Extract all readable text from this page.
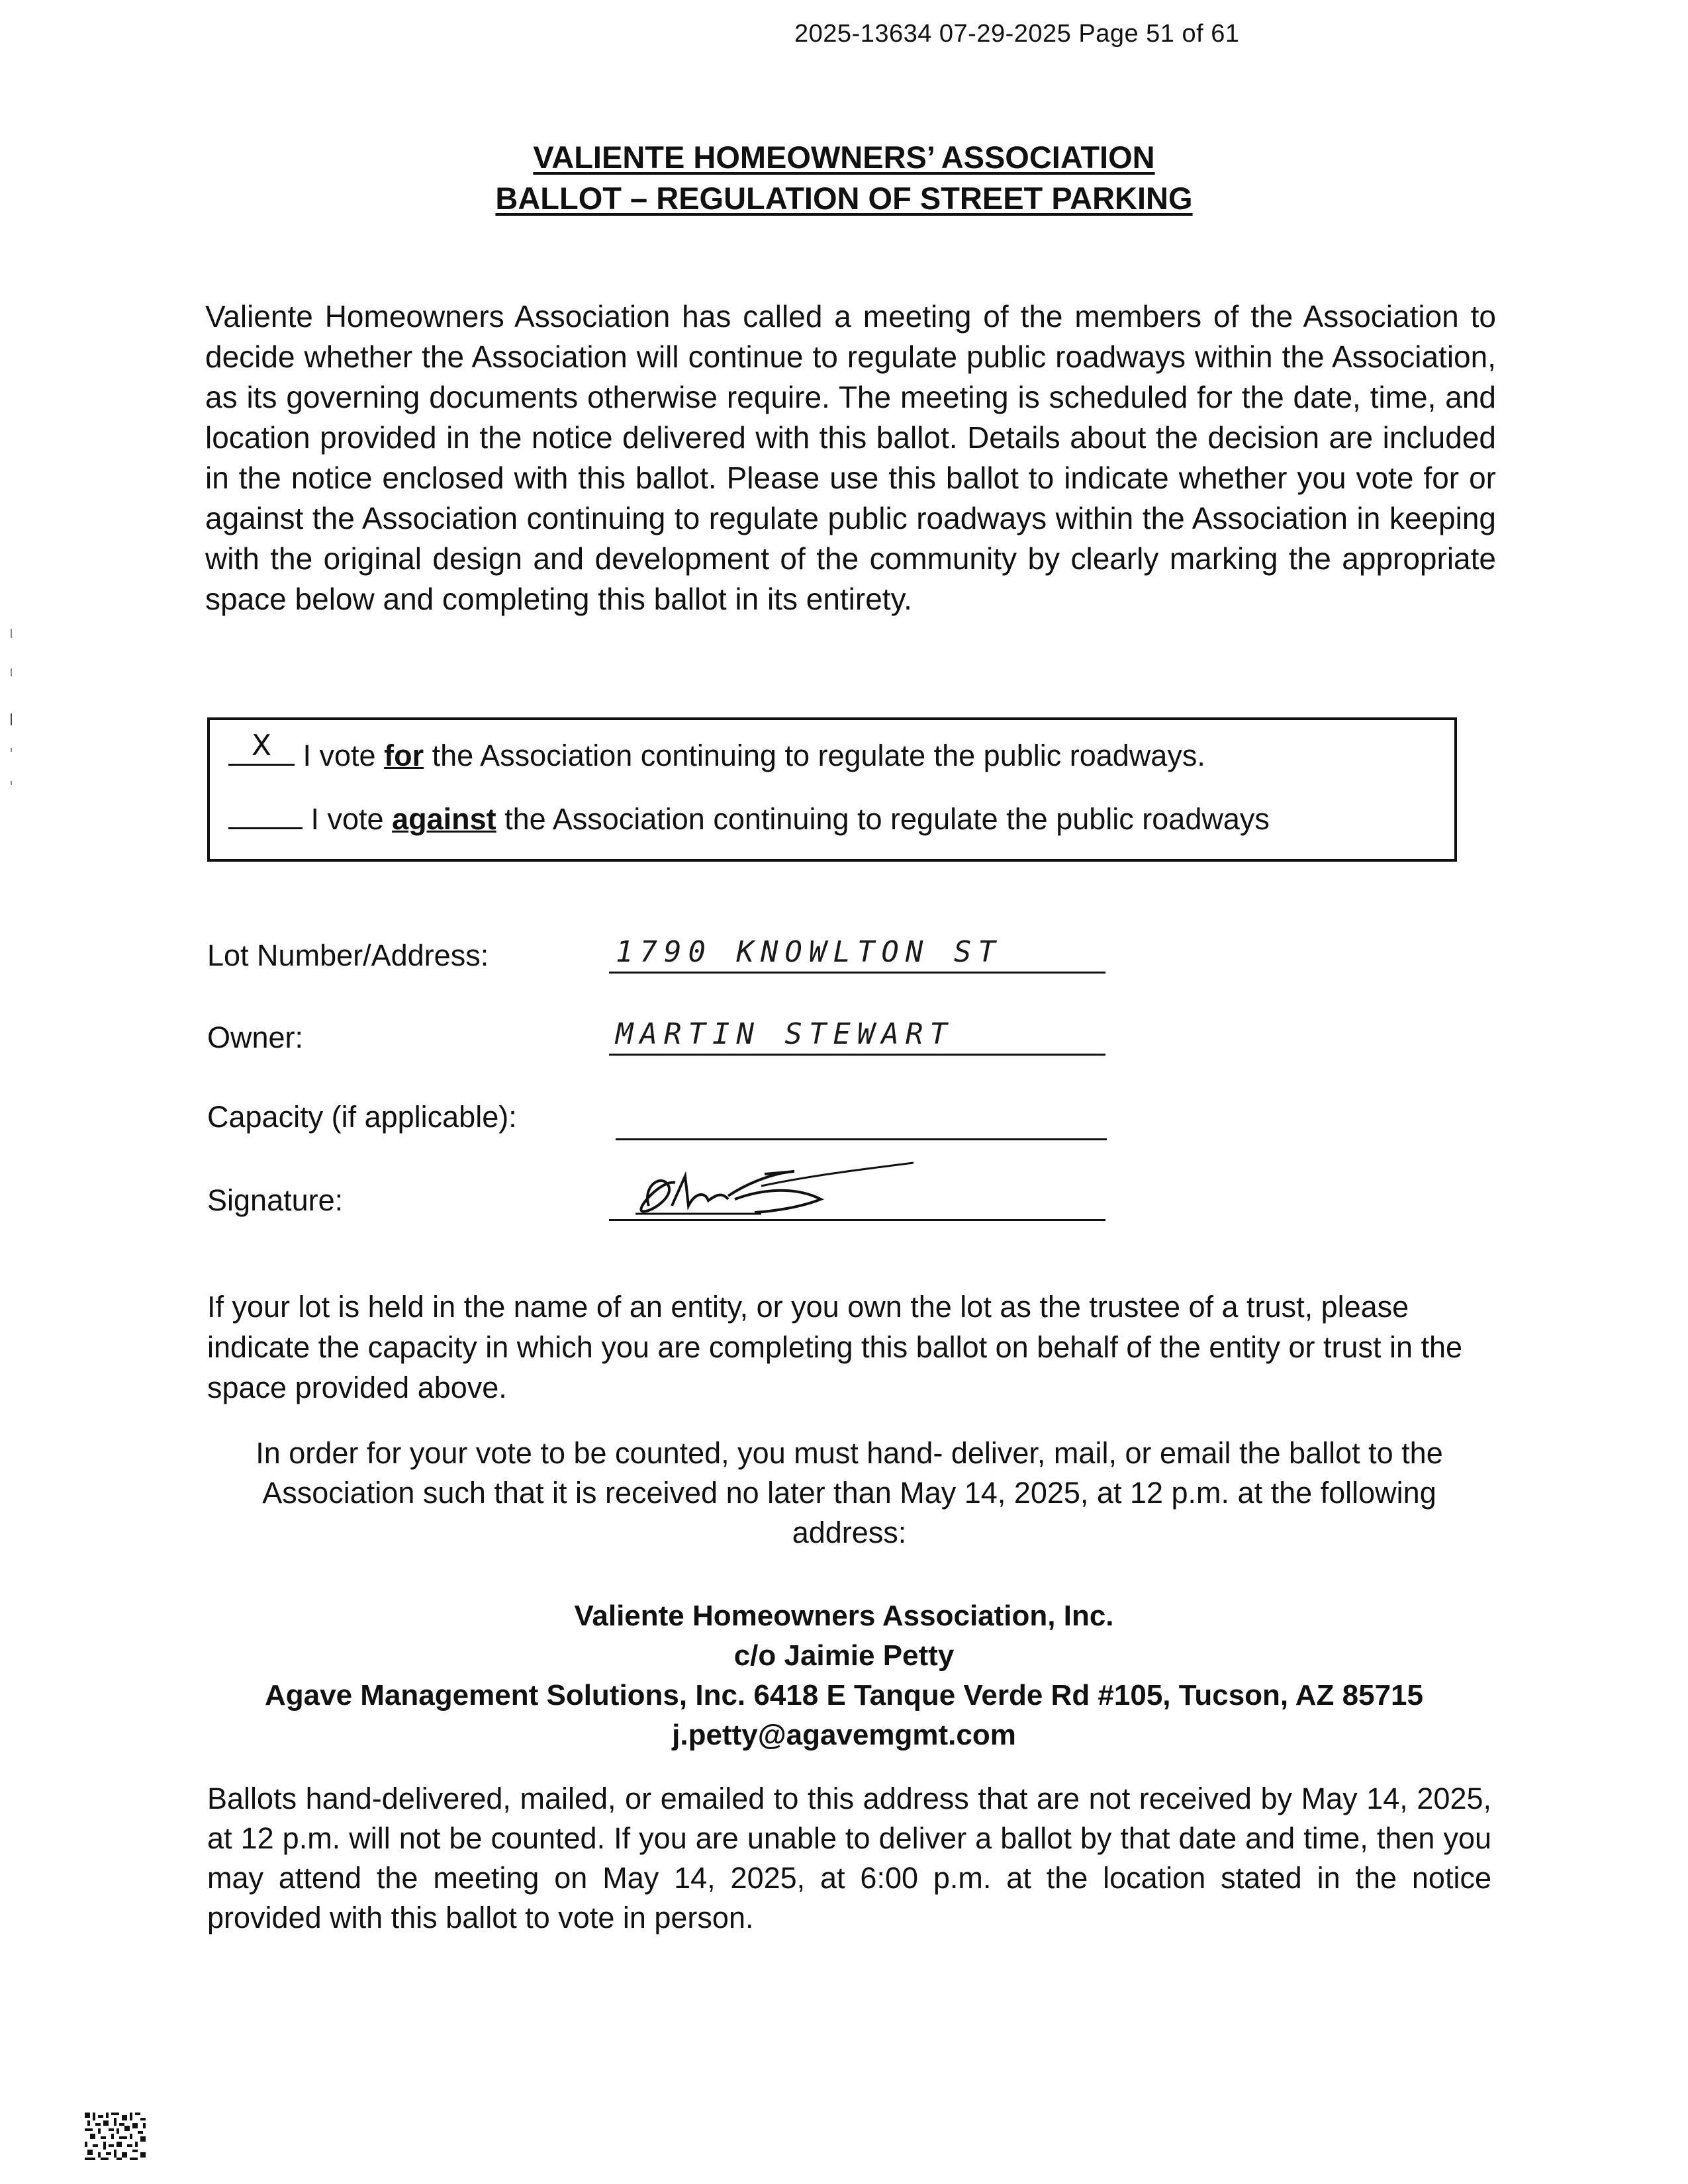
2025-13634 07-29-2025 Page 51 of 61
VALIENTE HOMEOWNERS’ ASSOCIATION
BALLOT – REGULATION OF STREET PARKING
Valiente Homeowners Association has called a meeting of the members of the Association to decide whether the Association will continue to regulate public roadways within the Association, as its governing documents otherwise require. The meeting is scheduled for the date, time, and location provided in the notice delivered with this ballot. Details about the decision are included in the notice enclosed with this ballot. Please use this ballot to indicate whether you vote for or against the Association continuing to regulate public roadways within the Association in keeping with the original design and development of the community by clearly marking the appropriate space below and completing this ballot in its entirety.
X	I vote for the Association continuing to regulate the public roadways.
I vote against the Association continuing to regulate the public roadways
Lot Number/Address:	1790 KNOWLTON ST
Owner:	MARTIN STEWART
Capacity (if applicable):
Signature:
If your lot is held in the name of an entity, or you own the lot as the trustee of a trust, please indicate the capacity in which you are completing this ballot on behalf of the entity or trust in the space provided above.
In order for your vote to be counted, you must hand- deliver, mail, or email the ballot to the Association such that it is received no later than May 14, 2025, at 12 p.m. at the following address:
Valiente Homeowners Association, Inc.
c/o Jaimie Petty
Agave Management Solutions, Inc. 6418 E Tanque Verde Rd #105, Tucson, AZ 85715
j.petty@agavemgmt.com
Ballots hand-delivered, mailed, or emailed to this address that are not received by May 14, 2025, at 12 p.m. will not be counted. If you are unable to deliver a ballot by that date and time, then you may attend the meeting on May 14, 2025, at 6:00 p.m. at the location stated in the notice provided with this ballot to vote in person.
